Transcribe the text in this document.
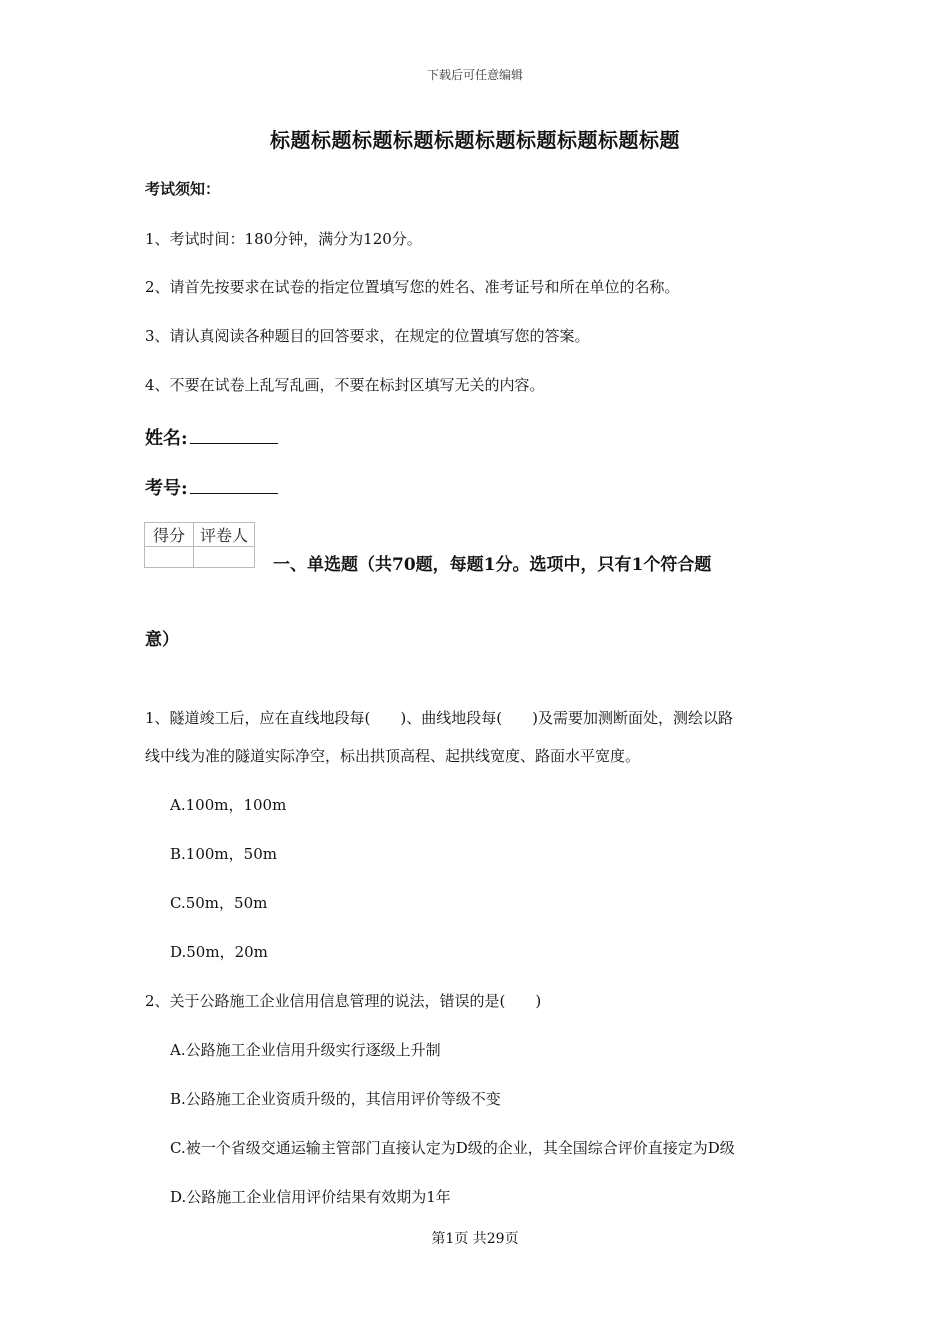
下载后可任意编辑
标题标题标题标题标题标题标题标题标题标题
考试须知：
1、考试时间：180分钟，满分为120分。
2、请首先按要求在试卷的指定位置填写您的姓名、准考证号和所在单位的名称。
3、请认真阅读各种题目的回答要求，在规定的位置填写您的答案。
4、不要在试卷上乱写乱画，不要在标封区填写无关的内容。
姓名:
考号:
得分	评卷人

一、单选题（共70题，每题1分。选项中，只有1个符合题
意）
1、隧道竣工后，应在直线地段每(　　)、曲线地段每(　　)及需要加测断面处，测绘以路
线中线为准的隧道实际净空，标出拱顶高程、起拱线宽度、路面水平宽度。
A.100m，100m
B.100m，50m
C.50m，50m
D.50m，20m
2、关于公路施工企业信用信息管理的说法，错误的是(　　)
A.公路施工企业信用升级实行逐级上升制
B.公路施工企业资质升级的，其信用评价等级不变
C.被一个省级交通运输主管部门直接认定为D级的企业，其全国综合评价直接定为D级
D.公路施工企业信用评价结果有效期为1年
第1页 共29页
